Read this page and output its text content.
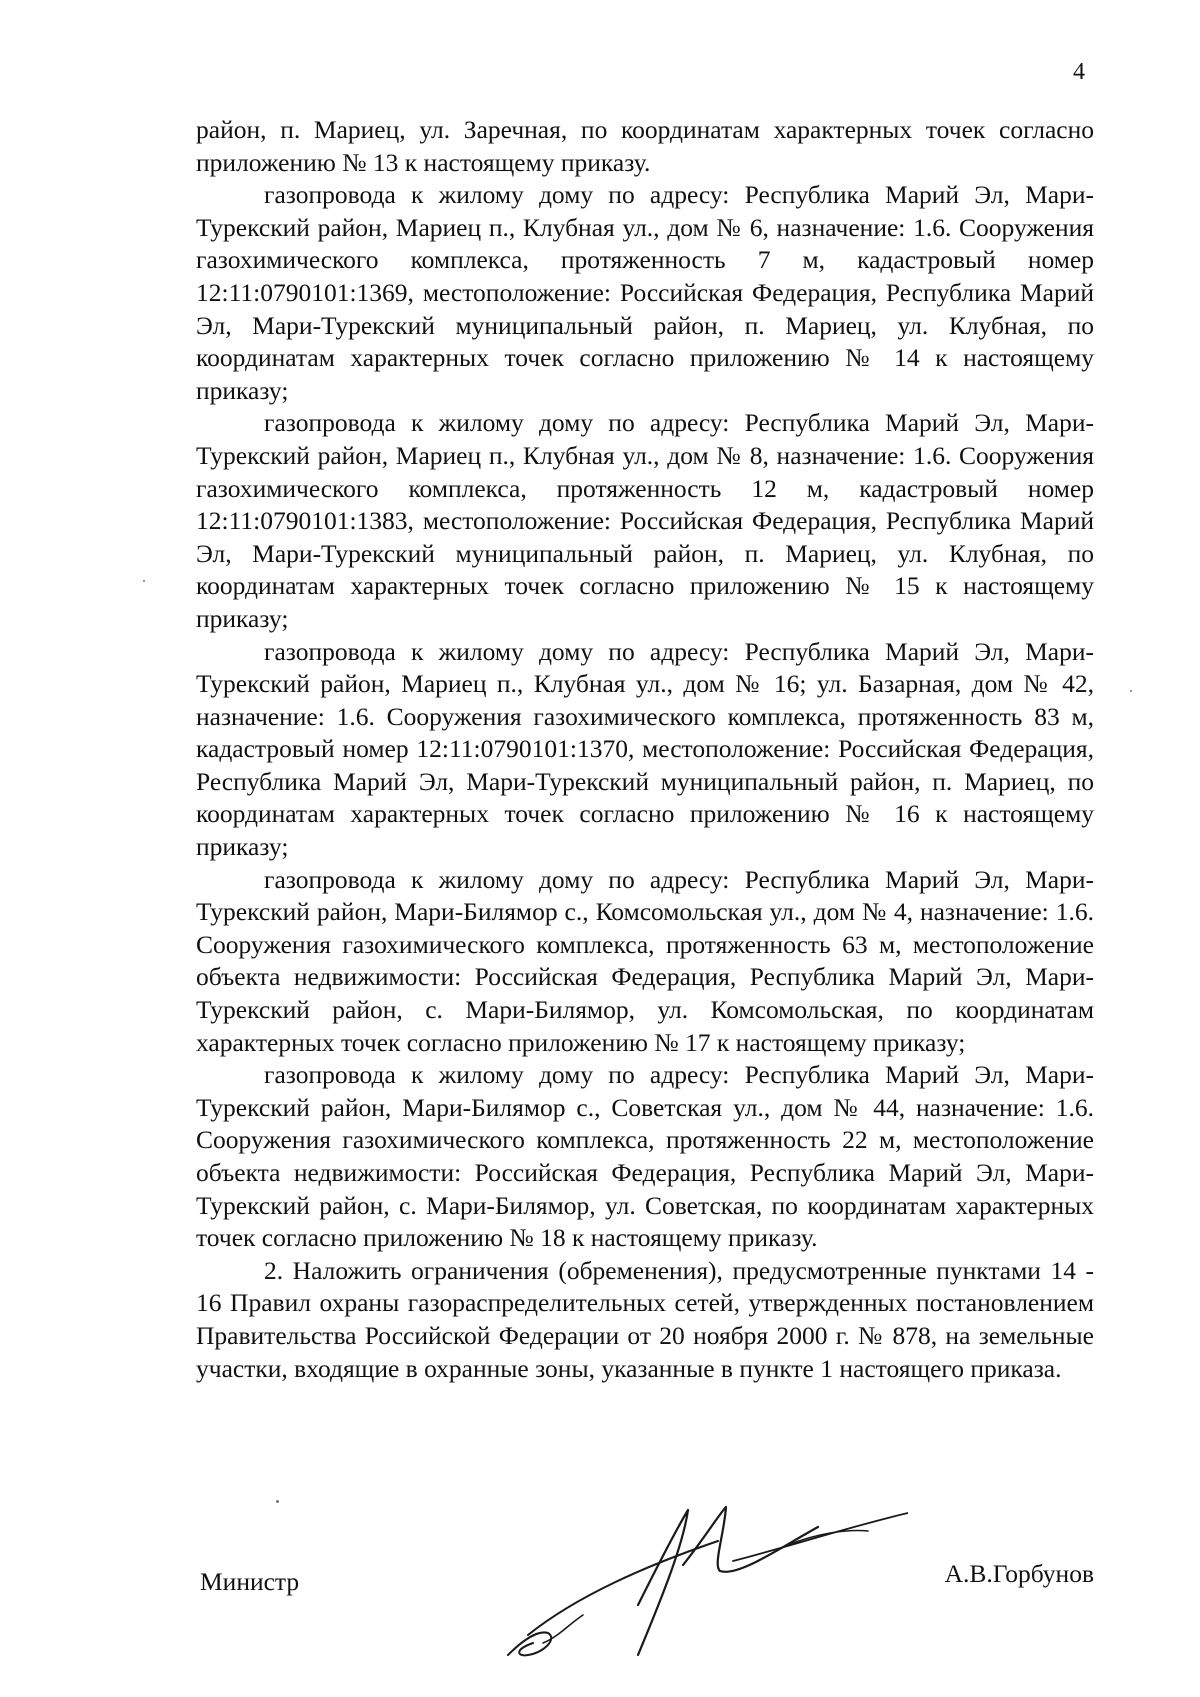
4

район, п. Мариец, ул. Заречная, по координатам характерных точек согласно приложению № 13 к настоящему приказу.

газопровода к жилому дому по адресу: Республика Марий Эл, Мари-Турекский район, Мариец п., Клубная ул., дом № 6, назначение: 1.6. Сооружения газохимического комплекса, протяженность 7 м, кадастровый номер 12:11:0790101:1369, местоположение: Российская Федерация, Республика Марий Эл, Мари-Турекский муниципальный район, п. Мариец, ул. Клубная, по координатам характерных точек согласно приложению № 14 к настоящему приказу;

газопровода к жилому дому по адресу: Республика Марий Эл, Мари-Турекский район, Мариец п., Клубная ул., дом № 8, назначение: 1.6. Сооружения газохимического комплекса, протяженность 12 м, кадастровый номер 12:11:0790101:1383, местоположение: Российская Федерация, Республика Марий Эл, Мари-Турекский муниципальный район, п. Мариец, ул. Клубная, по координатам характерных точек согласно приложению № 15 к настоящему приказу;

газопровода к жилому дому по адресу: Республика Марий Эл, Мари-Турекский район, Мариец п., Клубная ул., дом № 16; ул. Базарная, дом № 42, назначение: 1.6. Сооружения газохимического комплекса, протяженность 83 м, кадастровый номер 12:11:0790101:1370, местоположение: Российская Федерация, Республика Марий Эл, Мари-Турекский муниципальный район, п. Мариец, по координатам характерных точек согласно приложению № 16 к настоящему приказу;

газопровода к жилому дому по адресу: Республика Марий Эл, Мари-Турекский район, Мари-Билямор с., Комсомольская ул., дом № 4, назначение: 1.6. Сооружения газохимического комплекса, протяженность 63 м, местоположение объекта недвижимости: Российская Федерация, Республика Марий Эл, Мари-Турекский район, с. Мари-Билямор, ул. Комсомольская, по координатам характерных точек согласно приложению № 17 к настоящему приказу;

газопровода к жилому дому по адресу: Республика Марий Эл, Мари-Турекский район, Мари-Билямор с., Советская ул., дом № 44, назначение: 1.6. Сооружения газохимического комплекса, протяженность 22 м, местоположение объекта недвижимости: Российская Федерация, Республика Марий Эл, Мари-Турекский район, с. Мари-Билямор, ул. Советская, по координатам характерных точек согласно приложению № 18 к настоящему приказу.

2. Наложить ограничения (обременения), предусмотренные пунктами 14 - 16 Правил охраны газораспределительных сетей, утвержденных постановлением Правительства Российской Федерации от 20 ноября 2000 г. № 878, на земельные участки, входящие в охранные зоны, указанные в пункте 1 настоящего приказа.

Министр	А.В.Горбунов
